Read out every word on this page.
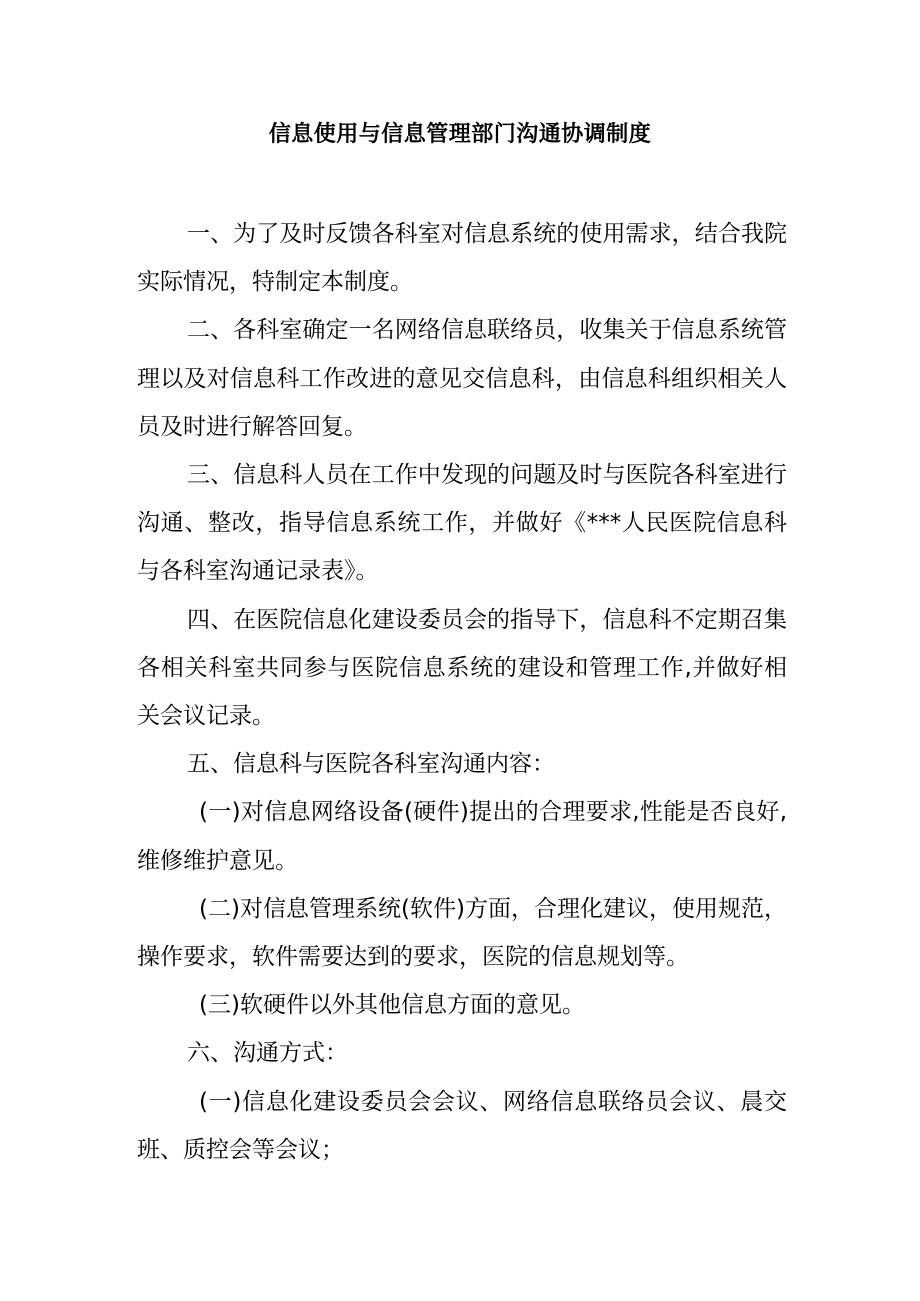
信息使用与信息管理部门沟通协调制度

一、为了及时反馈各科室对信息系统的使用需求，结合我院实际情况，特制定本制度。

二、各科室确定一名网络信息联络员，收集关于信息系统管理以及对信息科工作改进的意见交信息科，由信息科组织相关人员及时进行解答回复。

三、信息科人员在工作中发现的问题及时与医院各科室进行沟通、整改，指导信息系统工作，并做好《***人民医院信息科与各科室沟通记录表》。

四、在医院信息化建设委员会的指导下，信息科不定期召集各相关科室共同参与医院信息系统的建设和管理工作,并做好相关会议记录。

五、信息科与医院各科室沟通内容：

(一)对信息网络设备(硬件)提出的合理要求,性能是否良好,维修维护意见。

(二)对信息管理系统(软件)方面，合理化建议，使用规范，操作要求，软件需要达到的要求，医院的信息规划等。

(三)软硬件以外其他信息方面的意见。

六、沟通方式：

(一)信息化建设委员会会议、网络信息联络员会议、晨交班、质控会等会议；
